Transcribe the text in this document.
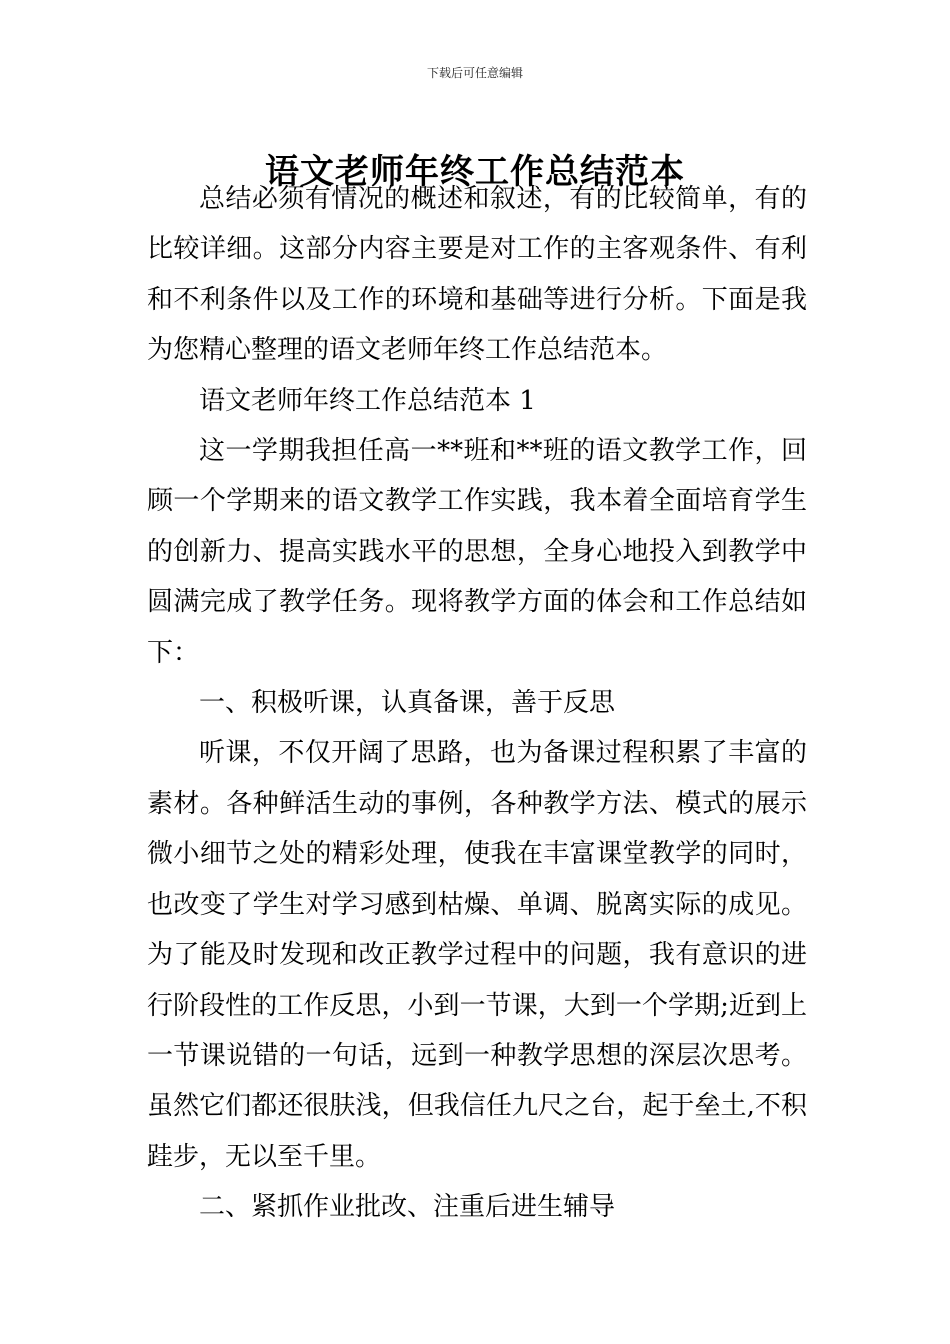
下载后可任意编辑
语文老师年终工作总结范本

总结必须有情况的概述和叙述，有的比较简单，有的比较详细。这部分内容主要是对工作的主客观条件、有利和不利条件以及工作的环境和基础等进行分析。下面是我为您精心整理的语文老师年终工作总结范本。

语文老师年终工作总结范本 1

这一学期我担任高一**班和**班的语文教学工作，回顾一个学期来的语文教学工作实践，我本着全面培育学生的创新力、提高实践水平的思想，全身心地投入到教学中圆满完成了教学任务。现将教学方面的体会和工作总结如下：

一、积极听课，认真备课，善于反思

听课，不仅开阔了思路，也为备课过程积累了丰富的素材。各种鲜活生动的事例，各种教学方法、模式的展示微小细节之处的精彩处理，使我在丰富课堂教学的同时，也改变了学生对学习感到枯燥、单调、脱离实际的成见。为了能及时发现和改正教学过程中的问题，我有意识的进行阶段性的工作反思，小到一节课，大到一个学期;近到上一节课说错的一句话，远到一种教学思想的深层次思考。虽然它们都还很肤浅，但我信任九尺之台，起于垒土,不积跬步，无以至千里。

二、紧抓作业批改、注重后进生辅导
